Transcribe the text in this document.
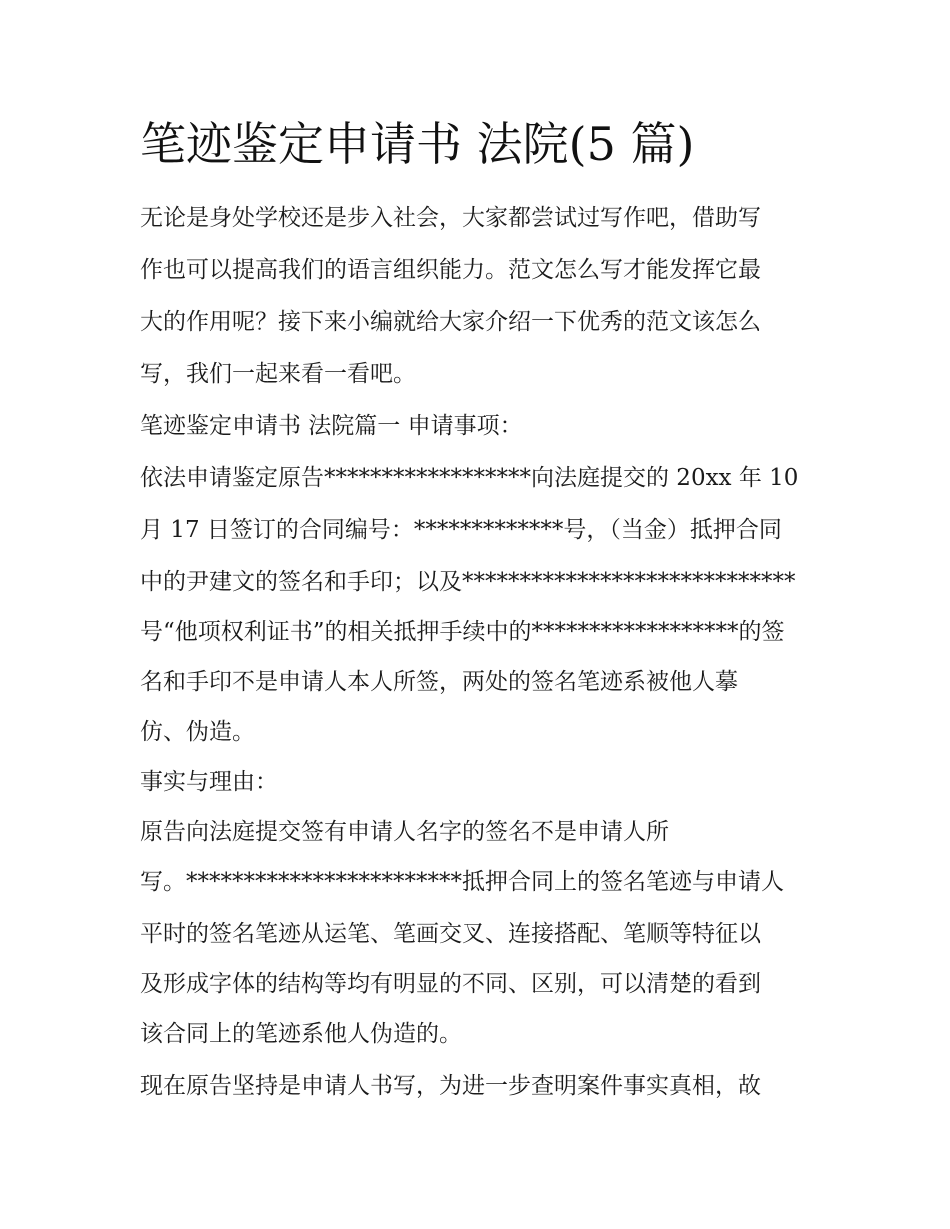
笔迹鉴定申请书 法院(5 篇)

无论是身处学校还是步入社会，大家都尝试过写作吧，借助写

作也可以提高我们的语言组织能力。范文怎么写才能发挥它最

大的作用呢？接下来小编就给大家介绍一下优秀的范文该怎么

写，我们一起来看一看吧。

笔迹鉴定申请书 法院篇一 申请事项：

依法申请鉴定原告******************向法庭提交的 20xx 年 10

月 17 日签订的合同编号：*************号，（当金）抵押合同

中的尹建文的签名和手印；以及*****************************

号“他项权利证书”的相关抵押手续中的******************的签

名和手印不是申请人本人所签，两处的签名笔迹系被他人摹

仿、伪造。

事实与理由：

原告向法庭提交签有申请人名字的签名不是申请人所

写。************************抵押合同上的签名笔迹与申请人

平时的签名笔迹从运笔、笔画交叉、连接搭配、笔顺等特征以

及形成字体的结构等均有明显的不同、区别，可以清楚的看到

该合同上的笔迹系他人伪造的。

现在原告坚持是申请人书写，为进一步查明案件事实真相，故
